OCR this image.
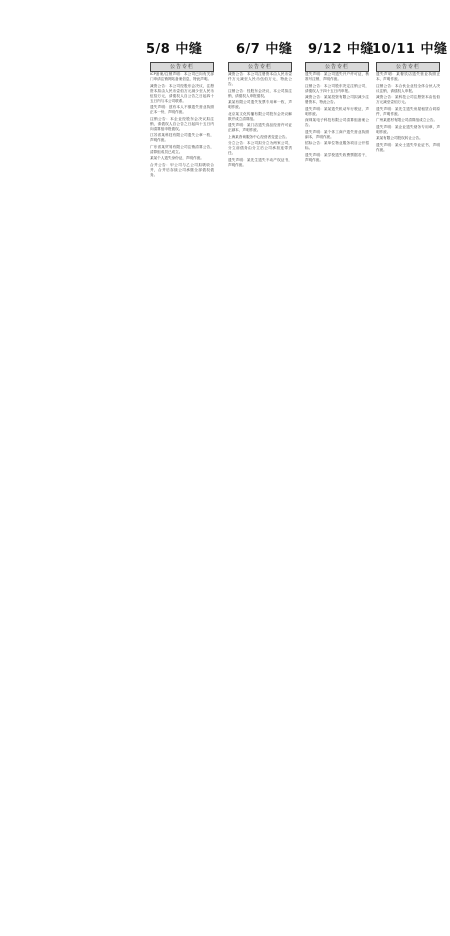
5/8 中缝	6/7 中缝 9/12 中缝
10/11 中缝
公告专栏

ICP备案/注销声明：本公司已向有关部门申请注销网站备案信息，特此声明。

减资公告：本公司经股东会决议，注册资本拟由人民币壹佰万元减少至人民币伍拾万元，请债权人自公告之日起四十五日内与本公司联系。

遗失声明：兹有本人不慎遗失营业执照正本一份，声明作废。

注销公告：本企业经股东会决议拟注销，请债权人自公告之日起四十五日内向清算组申报债权。

江苏省某科技有限公司遗失公章一枚，声明作废。

广东省某贸易有限公司注销清算公告，清算组成员已成立。

某某个人遗失身份证，声明作废。

合并公告：甲公司与乙公司拟吸收合并，合并后存续公司承继全部债权债务。

公告专栏

减资公告：本公司注册资本由人民币壹仟万元减至人民币伍佰万元，特此公告。

注销公告：经股东会决议，本公司拟注销，请债权人申报债权。

某某有限公司遗失发票专用章一枚，声明作废。

北京某文化传播有限公司股东会决议解散并成立清算组。

遗失声明：某门店遗失食品经营许可证正副本，声明作废。

上海某咨询服务中心经营者变更公告。

分立公告：本公司拟分立为两家公司，分立前债务由分立后公司承担连带责任。

遗失声明：某先生遗失不动产权证书，声明作废。

公告专栏

遗失声明：某公司遗失开户许可证，核准号注销，声明作废。

注销公告：本公司股东决定注销公司，请债权人于四十五日内申报。

减资公告：某某投资有限公司拟减少注册资本，特此公告。

遗失声明：某某遗失机动车行驶证，声明作废。

深圳某电子科技有限公司清算组备案公告。

遗失声明：某个体工商户遗失营业执照副本，声明作废。

招标公告：某单位物业服务项目公开招标。

遗失声明：某学校遗失收费票据若干，声明作废。

公告专栏

遗失声明：某餐饮店遗失营业执照正本，声明作废。

注销公告：本合伙企业经全体合伙人决议注销，请债权人申报。

减资公告：某科技公司注册资本由伍佰万元减至壹佰万元。

遗失声明：某先生遗失房屋租赁合同原件，声明作废。

广州某建材有限公司清算组成立公告。

遗失声明：某企业遗失财务专用章，声明作废。

某某有限公司股权转让公告。

遗失声明：某女士遗失毕业证书，声明作废。
